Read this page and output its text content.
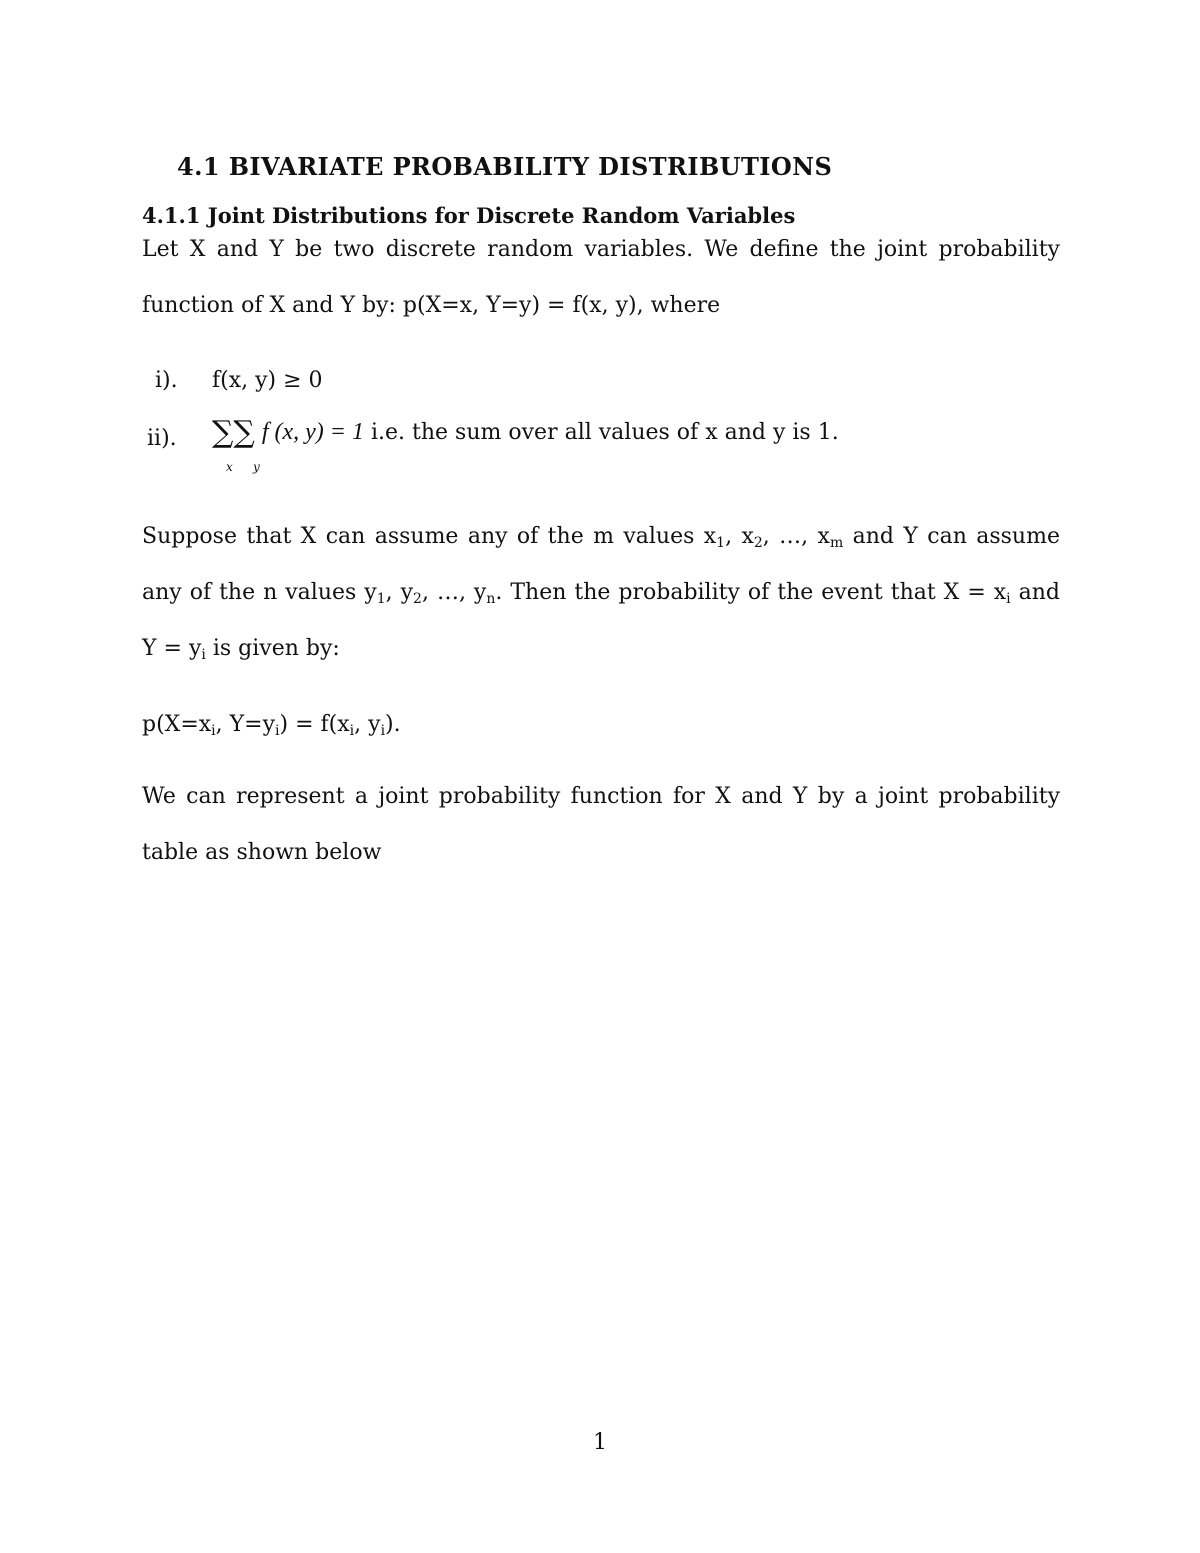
4.1 BIVARIATE PROBABILITY DISTRIBUTIONS
4.1.1 Joint Distributions for Discrete Random Variables
Let X and Y be two discrete random variables. We define the joint probability
function of X and Y by: p(X=x, Y=y) = f(x, y), where
i). f(x, y) ≥ 0
ii). ∑∑ f (x, y) = 1 i.e. the sum over all values of x and y is 1.
x y
Suppose that X can assume any of the m values $x_1$, $x_2$, …, $x_m$ and Y can assume
any of the n values $y_1$, $y_2$, …, $y_n$. Then the probability of the event that $X = x_i$ and
$Y = y_i$ is given by:
$p(X=x_i$, $Y=y_i) = f(x_i$, $y_i$).
We can represent a joint probability function for X and Y by a joint probability
table as shown below
1
